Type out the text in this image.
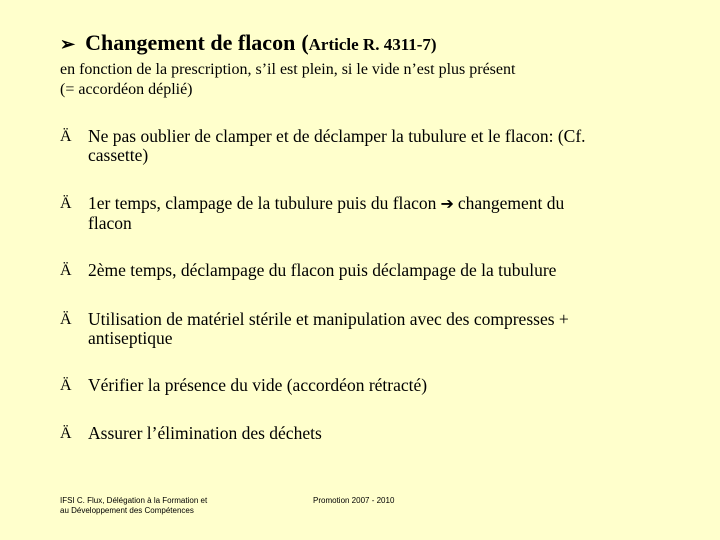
➢ Changement de flacon ( Article R. 4311-7 )
en fonction de la prescription, s’il est plein, si le vide n’est plus présent
(= accordéon déplié)
Ä Ne pas oublier de clamper et de déclamper la tubulure et le flacon: (Cf.
cassette)
Ä 1er temps, clampage de la tubulure puis du flacon ➔ changement du
flacon
Ä 2ème temps, déclampage du flacon puis déclampage de la tubulure
Ä Utilisation de matériel stérile et manipulation avec des compresses +
antiseptique
Ä Vérifier la présence du vide (accordéon rétracté)
Ä Assurer l’élimination des déchets
IFSI C. Flux, Délégation à la Formation et
au Développement des Compétences
Promotion 2007 - 2010
